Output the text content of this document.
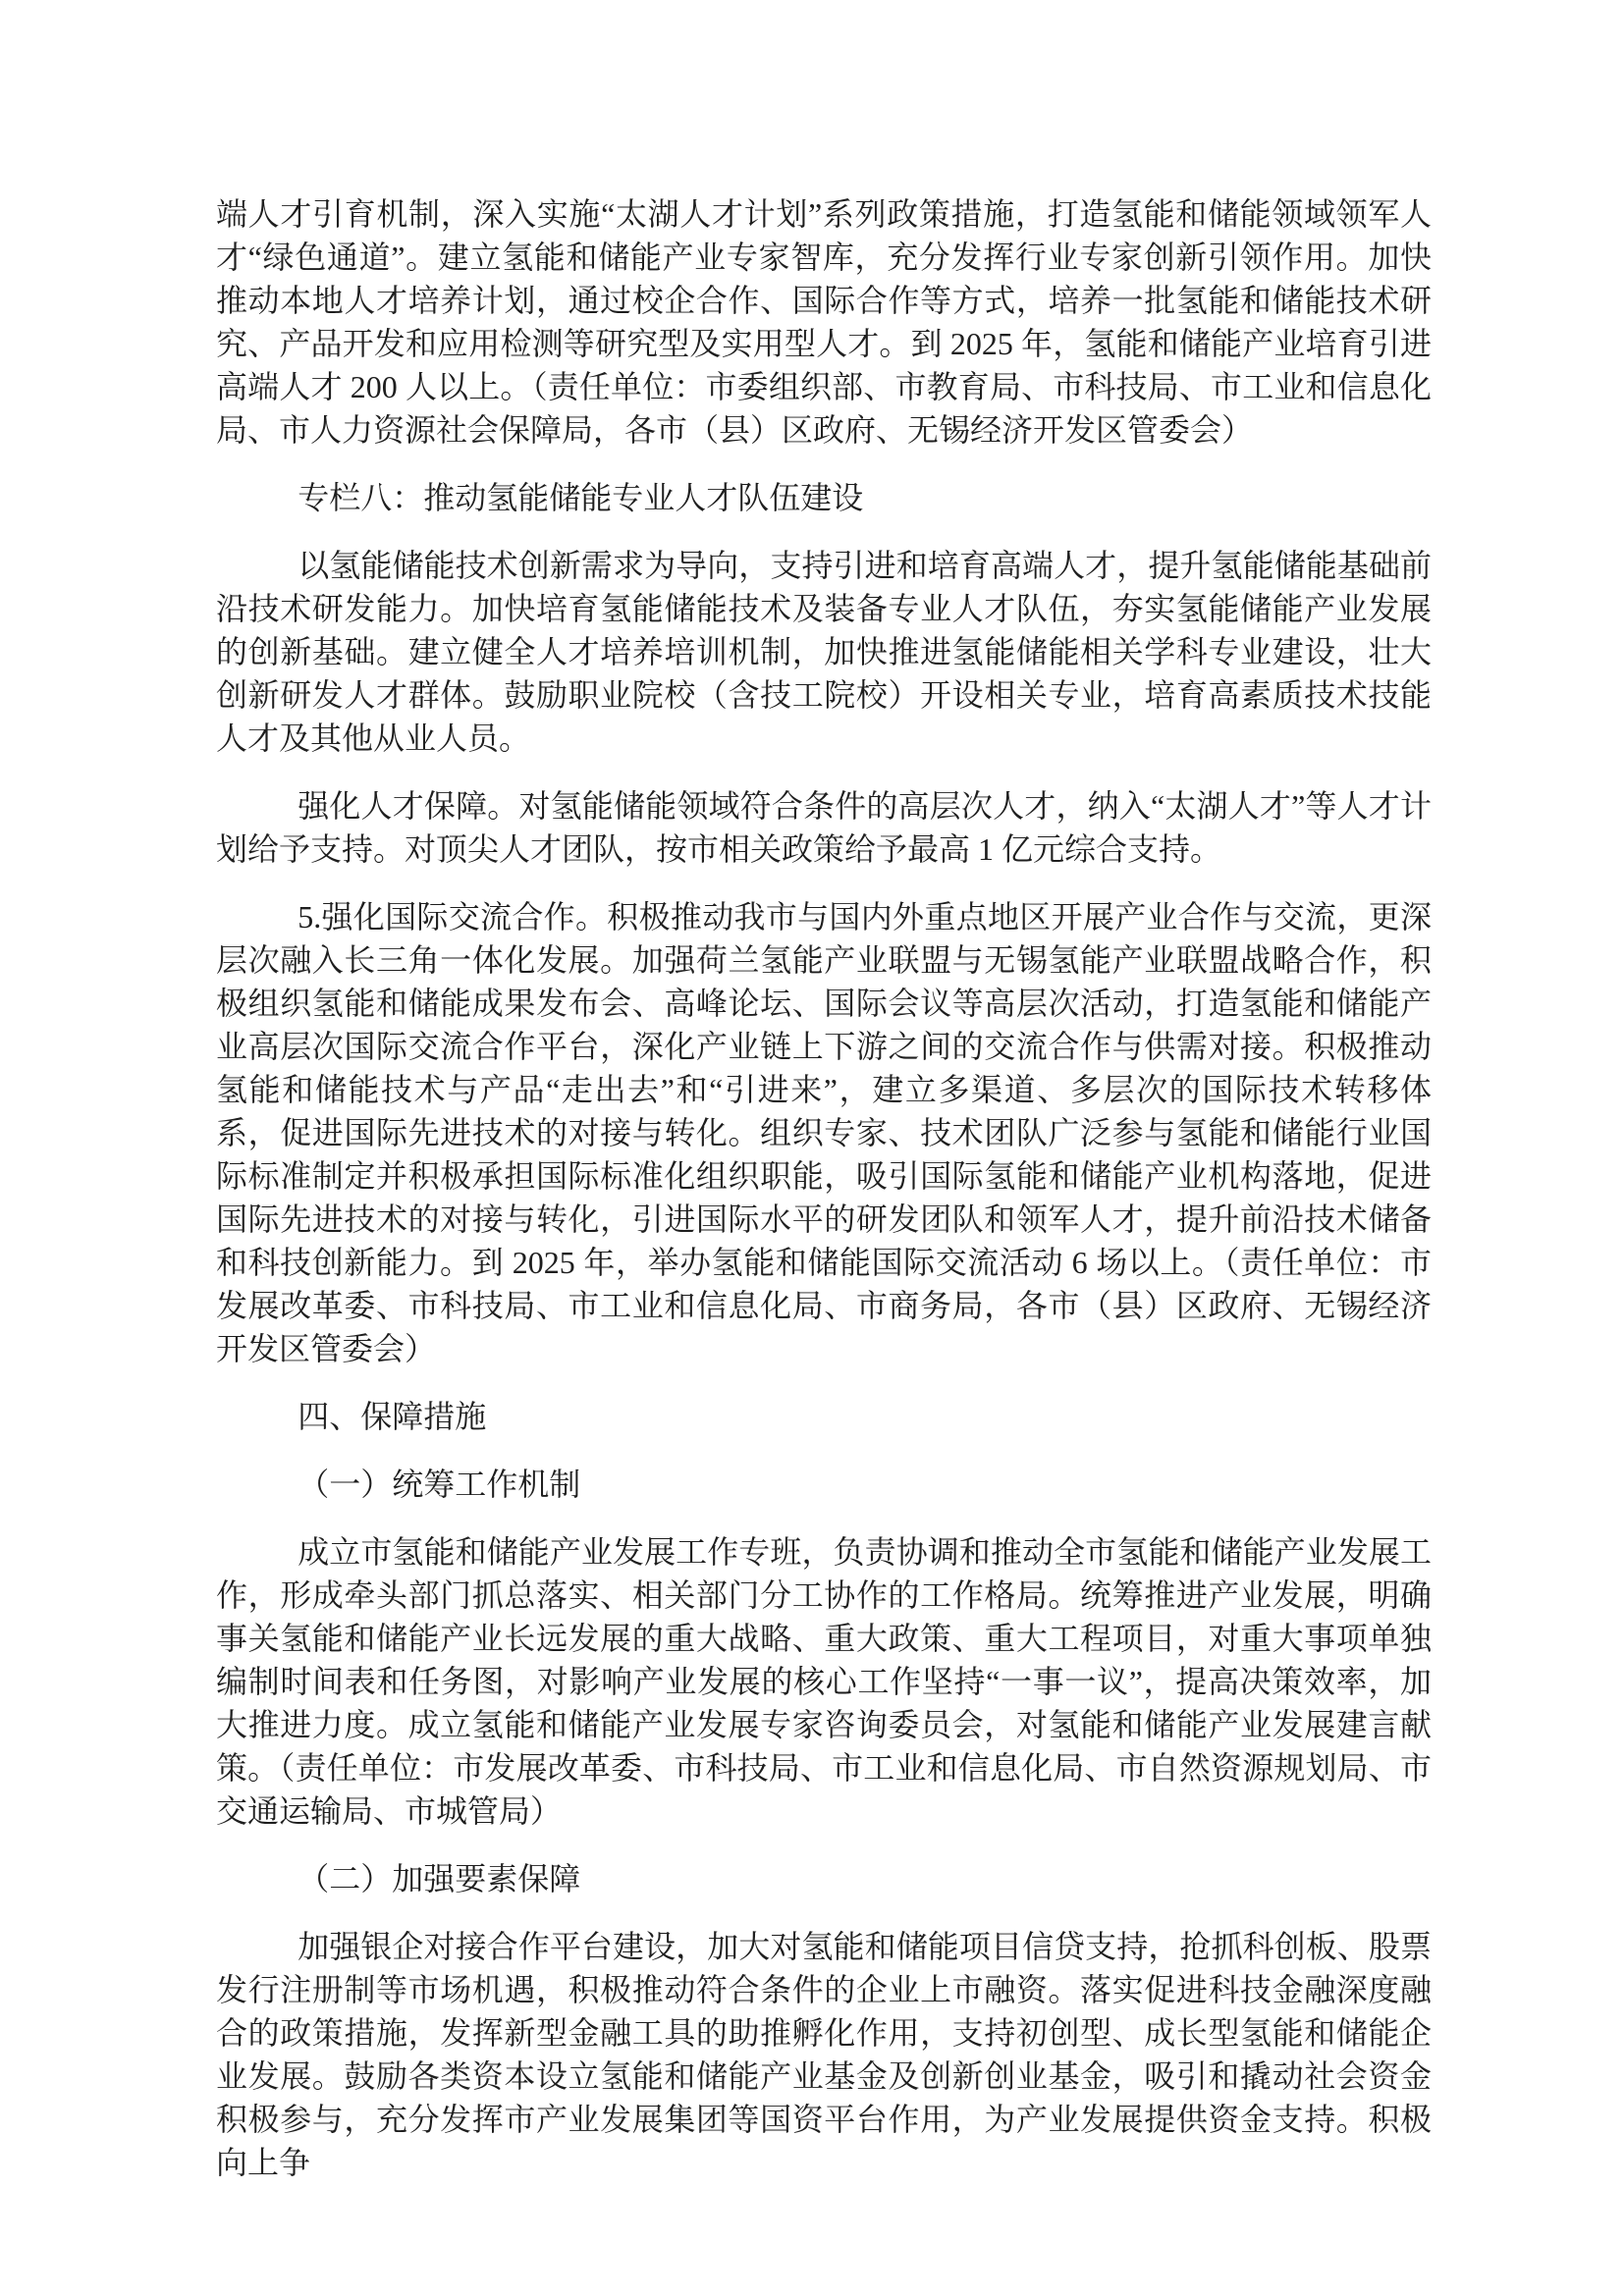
端人才引育机制，深入实施“太湖人才计划”系列政策措施，打造氢能和储能领域领军人才“绿色通道”。建立氢能和储能产业专家智库，充分发挥行业专家创新引领作用。加快推动本地人才培养计划，通过校企合作、国际合作等方式，培养一批氢能和储能技术研究、产品开发和应用检测等研究型及实用型人才。到 2025 年，氢能和储能产业培育引进高端人才 200 人以上。（责任单位：市委组织部、市教育局、市科技局、市工业和信息化局、市人力资源社会保障局，各市（县）区政府、无锡经济开发区管委会）

专栏八：推动氢能储能专业人才队伍建设

以氢能储能技术创新需求为导向，支持引进和培育高端人才，提升氢能储能基础前沿技术研发能力。加快培育氢能储能技术及装备专业人才队伍，夯实氢能储能产业发展的创新基础。建立健全人才培养培训机制，加快推进氢能储能相关学科专业建设，壮大创新研发人才群体。鼓励职业院校（含技工院校）开设相关专业，培育高素质技术技能人才及其他从业人员。

强化人才保障。对氢能储能领域符合条件的高层次人才，纳入“太湖人才”等人才计划给予支持。对顶尖人才团队，按市相关政策给予最高 1 亿元综合支持。

5.强化国际交流合作。积极推动我市与国内外重点地区开展产业合作与交流，更深层次融入长三角一体化发展。加强荷兰氢能产业联盟与无锡氢能产业联盟战略合作，积极组织氢能和储能成果发布会、高峰论坛、国际会议等高层次活动，打造氢能和储能产业高层次国际交流合作平台，深化产业链上下游之间的交流合作与供需对接。积极推动氢能和储能技术与产品“走出去”和“引进来”，建立多渠道、多层次的国际技术转移体系，促进国际先进技术的对接与转化。组织专家、技术团队广泛参与氢能和储能行业国际标准制定并积极承担国际标准化组织职能，吸引国际氢能和储能产业机构落地，促进国际先进技术的对接与转化，引进国际水平的研发团队和领军人才，提升前沿技术储备和科技创新能力。到 2025 年，举办氢能和储能国际交流活动 6 场以上。（责任单位：市发展改革委、市科技局、市工业和信息化局、市商务局，各市（县）区政府、无锡经济开发区管委会）

四、保障措施

（一）统筹工作机制

成立市氢能和储能产业发展工作专班，负责协调和推动全市氢能和储能产业发展工作，形成牵头部门抓总落实、相关部门分工协作的工作格局。统筹推进产业发展，明确事关氢能和储能产业长远发展的重大战略、重大政策、重大工程项目，对重大事项单独编制时间表和任务图，对影响产业发展的核心工作坚持“一事一议”，提高决策效率，加大推进力度。成立氢能和储能产业发展专家咨询委员会，对氢能和储能产业发展建言献策。（责任单位：市发展改革委、市科技局、市工业和信息化局、市自然资源规划局、市交通运输局、市城管局）

（二）加强要素保障

加强银企对接合作平台建设，加大对氢能和储能项目信贷支持，抢抓科创板、股票发行注册制等市场机遇，积极推动符合条件的企业上市融资。落实促进科技金融深度融合的政策措施，发挥新型金融工具的助推孵化作用，支持初创型、成长型氢能和储能企业发展。鼓励各类资本设立氢能和储能产业基金及创新创业基金，吸引和撬动社会资金积极参与，充分发挥市产业发展集团等国资平台作用，为产业发展提供资金支持。积极向上争
